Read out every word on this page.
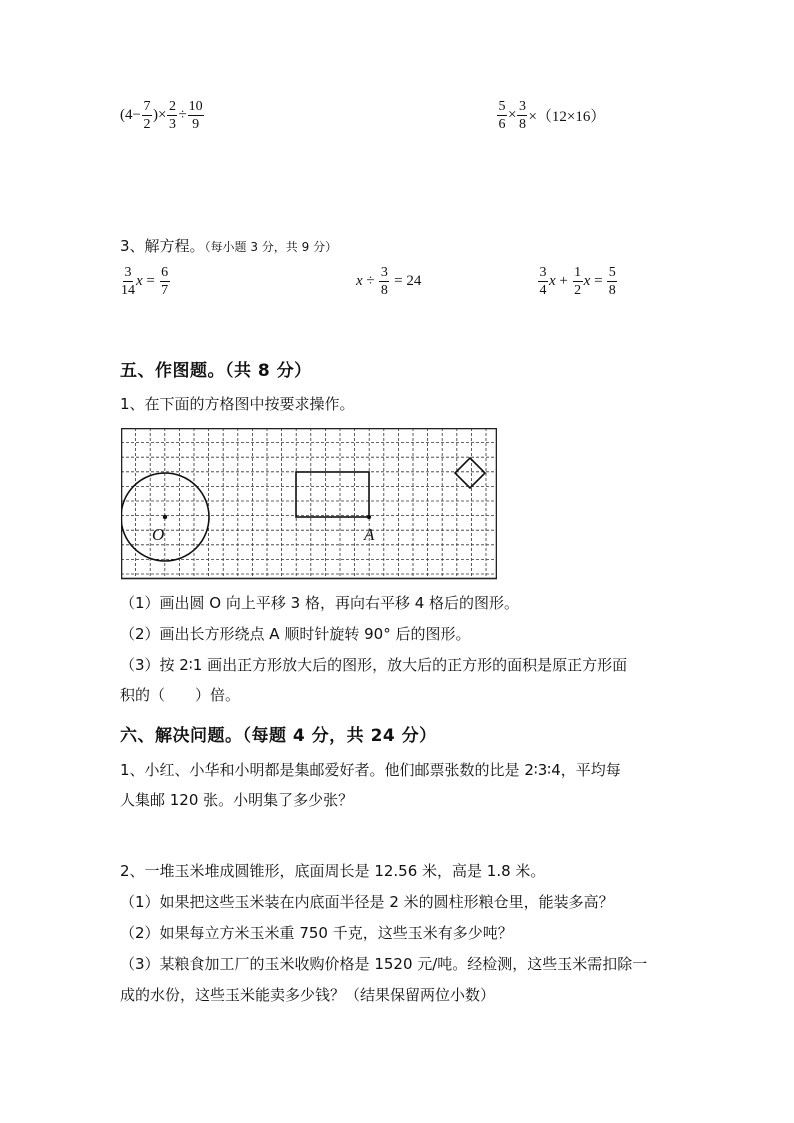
($4- \frac{7}{2}$ )× $\frac{2}{3} \div \frac{10}{9}$	$\frac{5}{6} \times \frac{3}{8} \times(12\times 16)$
3、解方程。（每小题 3 分，共 9 分）
$\frac{3}{14}$ $x = \frac{6}{7}$	$x \div \frac{3}{8} = 24$	$\frac{3}{4}$ $x + \frac{1}{2}$ $x = \frac{5}{8}$
五、作图题。（共 8 分）
1、在下面的方格图中按要求操作。
O	A
（1）画出圆 O 向上平移 3 格，再向右平移 4 格后的图形。
（2）画出长方形绕点 A 顺时针旋转 90° 后的图形。
（3）按 2∶1 画出正方形放大后的图形，放大后的正方形的面积是原正方形面
积的（　　）倍。
六、解决问题。（每题 4 分，共 24 分）
1、小红、小华和小明都是集邮爱好者。他们邮票张数的比是 2∶3∶4，平均每
人集邮 120 张。小明集了多少张？
2、一堆玉米堆成圆锥形，底面周长是 12.56 米，高是 1.8 米。
（1）如果把这些玉米装在内底面半径是 2 米的圆柱形粮仓里，能装多高？
（2）如果每立方米玉米重 750 千克，这些玉米有多少吨？
（3）某粮食加工厂的玉米收购价格是 1520 元/吨。经检测，这些玉米需扣除一
成的水份，这些玉米能卖多少钱？（结果保留两位小数）
